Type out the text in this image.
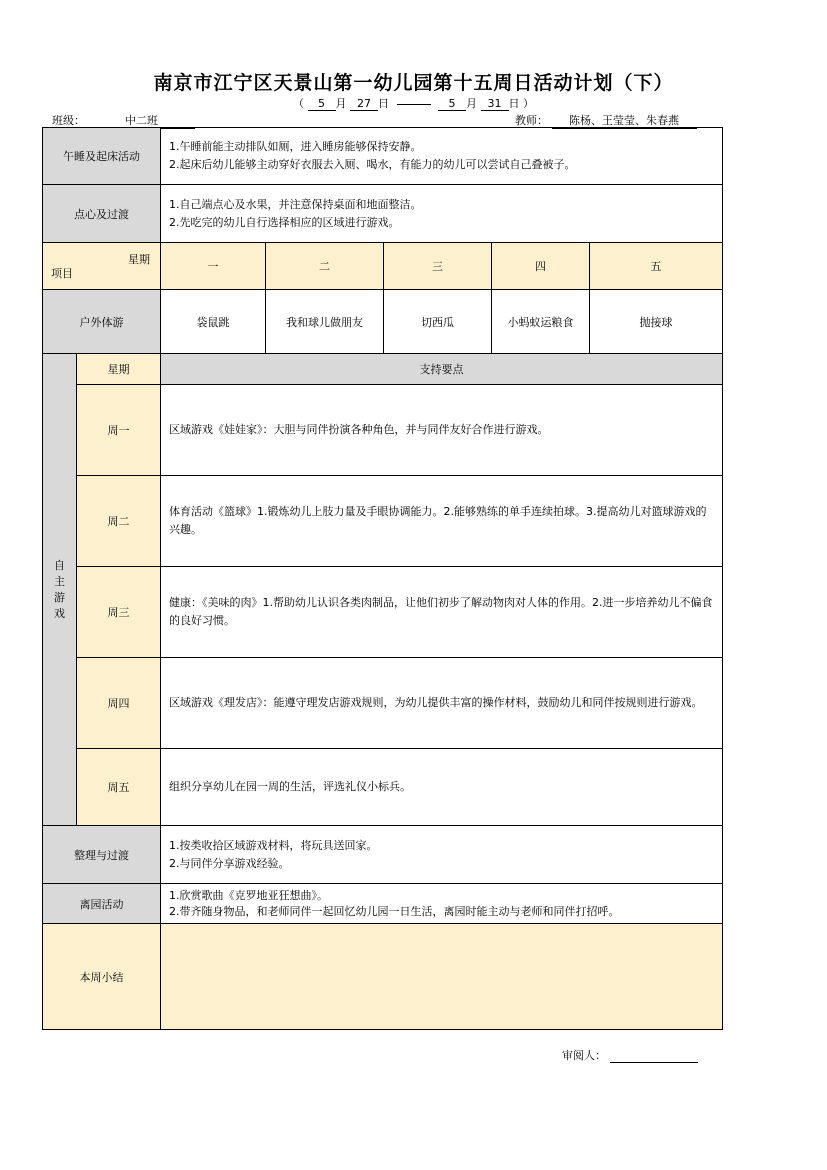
南京市江宁区天景山第一幼儿园第十五周日活动计划（下）
（ 5 月 27 日	5 月 31 日 ）
班级：	中二班	教师： 陈杨、王莹莹、朱春燕
午睡及起床活动		1.午睡前能主动排队如厕，进入睡房能够保持安静。
2.起床后幼儿能够主动穿好衣服去入厕、喝水，有能力的幼儿可以尝试自己叠被子。				

点心及过渡		1.自己端点心及水果，并注意保持桌面和地面整洁。
2.先吃完的幼儿自行选择相应的区域进行游戏。				

星期
项目		一	二	三	四	五
户外体游		袋鼠跳	我和球儿做朋友	切西瓜	小蚂蚁运粮食	抛接球

自主游戏	星期	支持要点				
	周一	区域游戏《娃娃家》：大胆与同伴扮演各种角色，并与同伴友好合作进行游戏。				
	周二	体育活动《篮球》1.锻炼幼儿上肢力量及手眼协调能力。2.能够熟练的单手连续拍球。3.提高幼儿对篮球游戏的兴趣。				
	周三	健康：《美味的肉》1.帮助幼儿认识各类肉制品，让他们初步了解动物肉对人体的作用。2.进一步培养幼儿不偏食的良好习惯。				
	周四	区域游戏《理发店》：能遵守理发店游戏规则，为幼儿提供丰富的操作材料，鼓励幼儿和同伴按规则进行游戏。				
	周五	组织分享幼儿在园一周的生活，评选礼仪小标兵。				
整理与过渡		1.按类收拾区域游戏材料，将玩具送回家。
2.与同伴分享游戏经验。				

离园活动		1.欣赏歌曲《克罗地亚狂想曲》。
2.带齐随身物品，和老师同伴一起回忆幼儿园一日生活，离园时能主动与老师和同伴打招呼。				

本周小结						
审阅人：
